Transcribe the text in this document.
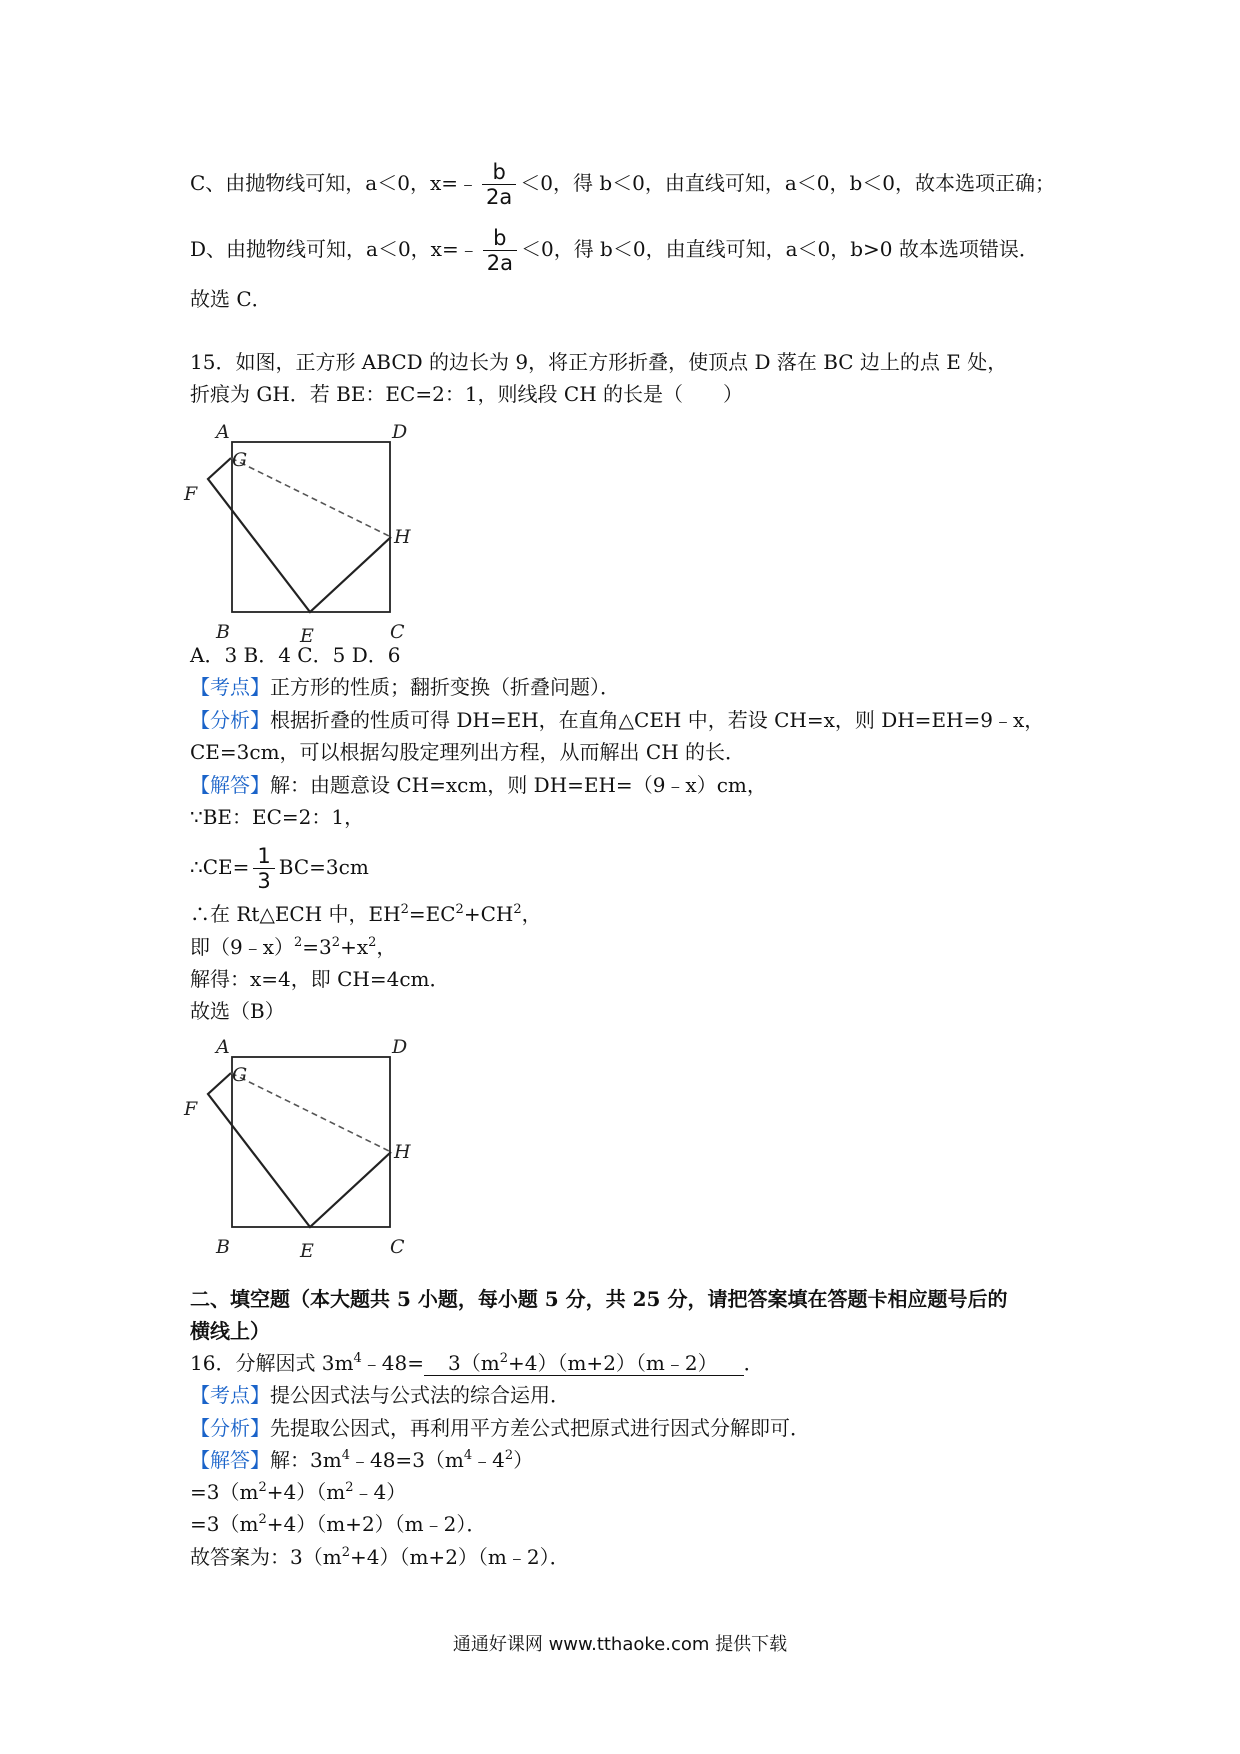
C、由抛物线可知，a＜0，x=﹣ $\frac{b}{2a} <0$，得 b＜0，由直线可知，a＜0，b＜0，故本选项正确；
D、由抛物线可知，a＜0，x=﹣ $\frac{b}{2a} <0$，得 b＜0，由直线可知，a＜0，b>0 故本选项错误．
故选 C．
15．如图，正方形 ABCD 的边长为 9，将正方形折叠，使顶点 D 落在 BC 边上的点 E 处，
折痕为 GH．若 BE：EC=2：1，则线段 CH 的长是（　　）
A	D
G
F
H
B	E	C
A．3 B．4 C．5 D．6
【考点】正方形的性质；翻折变换（折叠问题）．
【分析】根据折叠的性质可得 DH=EH，在直角△CEH 中，若设 CH=x，则 DH=EH=9﹣x，
CE=3cm，可以根据勾股定理列出方程，从而解出 CH 的长．
【解答】解：由题意设 CH=xcm，则 DH=EH=（9﹣x）cm，
∵BE：EC=2：1，
∴CE= $\frac{1}{3} BC=3cm$
∴在 Rt△ECH 中，$EH^2=EC^2+CH^2$，
即$(9﹣x)^2=3^2+x^2$，
解得：x=4，即 CH=4cm．
故选（B）
A	D
G
F
H
B	E	C
二、填空题（本大题共 5 小题，每小题 5 分，共 25 分，请把答案填在答题卡相应题号后的
横线上）
16．分解因式 $3m^4﹣48=$ $3(m^2+4)(m+2)(m﹣2)$ ．
【考点】提公因式法与公式法的综合运用．
【分析】先提取公因式，再利用平方差公式把原式进行因式分解即可．
【解答】解：$3m^4﹣48=3(m^4﹣4^2)$
$=3(m^2+4)(m^2﹣4)$
$=3(m^2+4)(m+2)(m﹣2)$．
故答案为：$3(m^2+4)(m+2)(m﹣2)$．
通通好课网 www.tthaoke.com 提供下载
